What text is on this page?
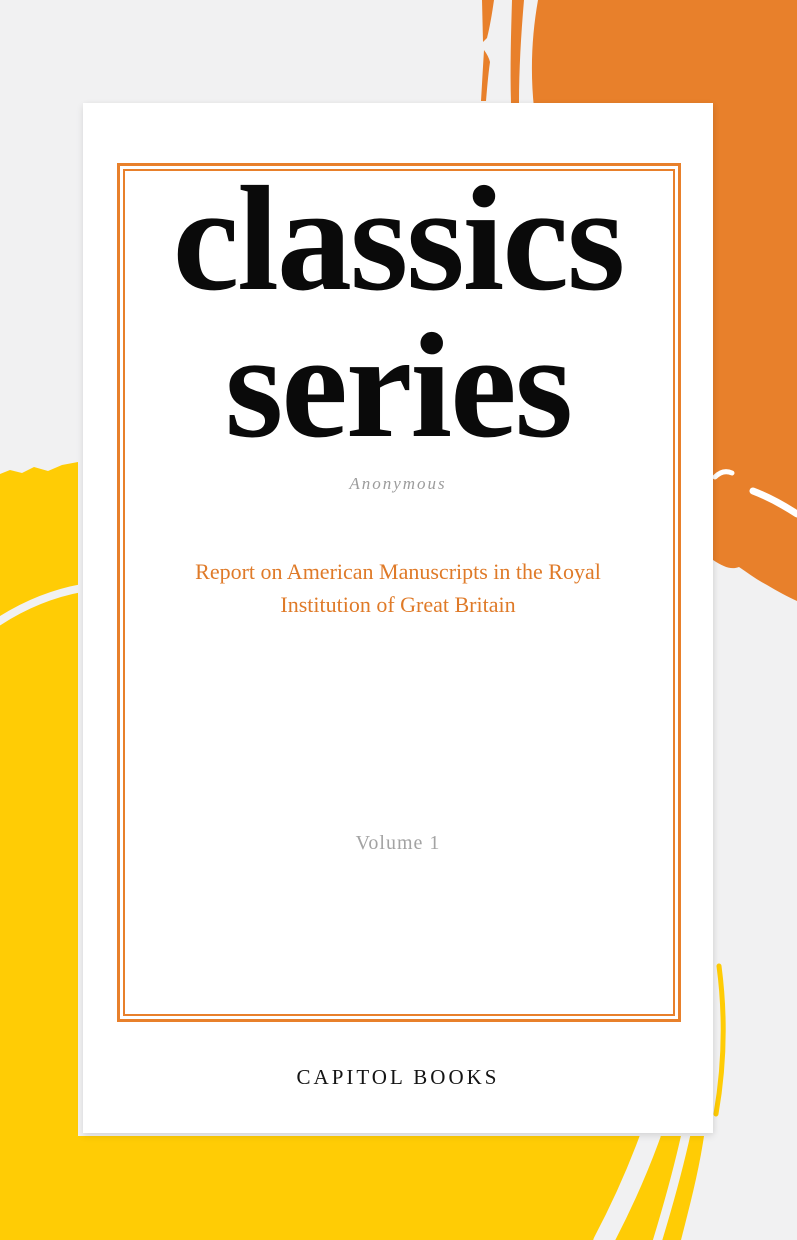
classics
series
Anonymous
Report on American Manuscripts in the Royal Institution of Great Britain
Volume 1
CAPITOL BOOKS
